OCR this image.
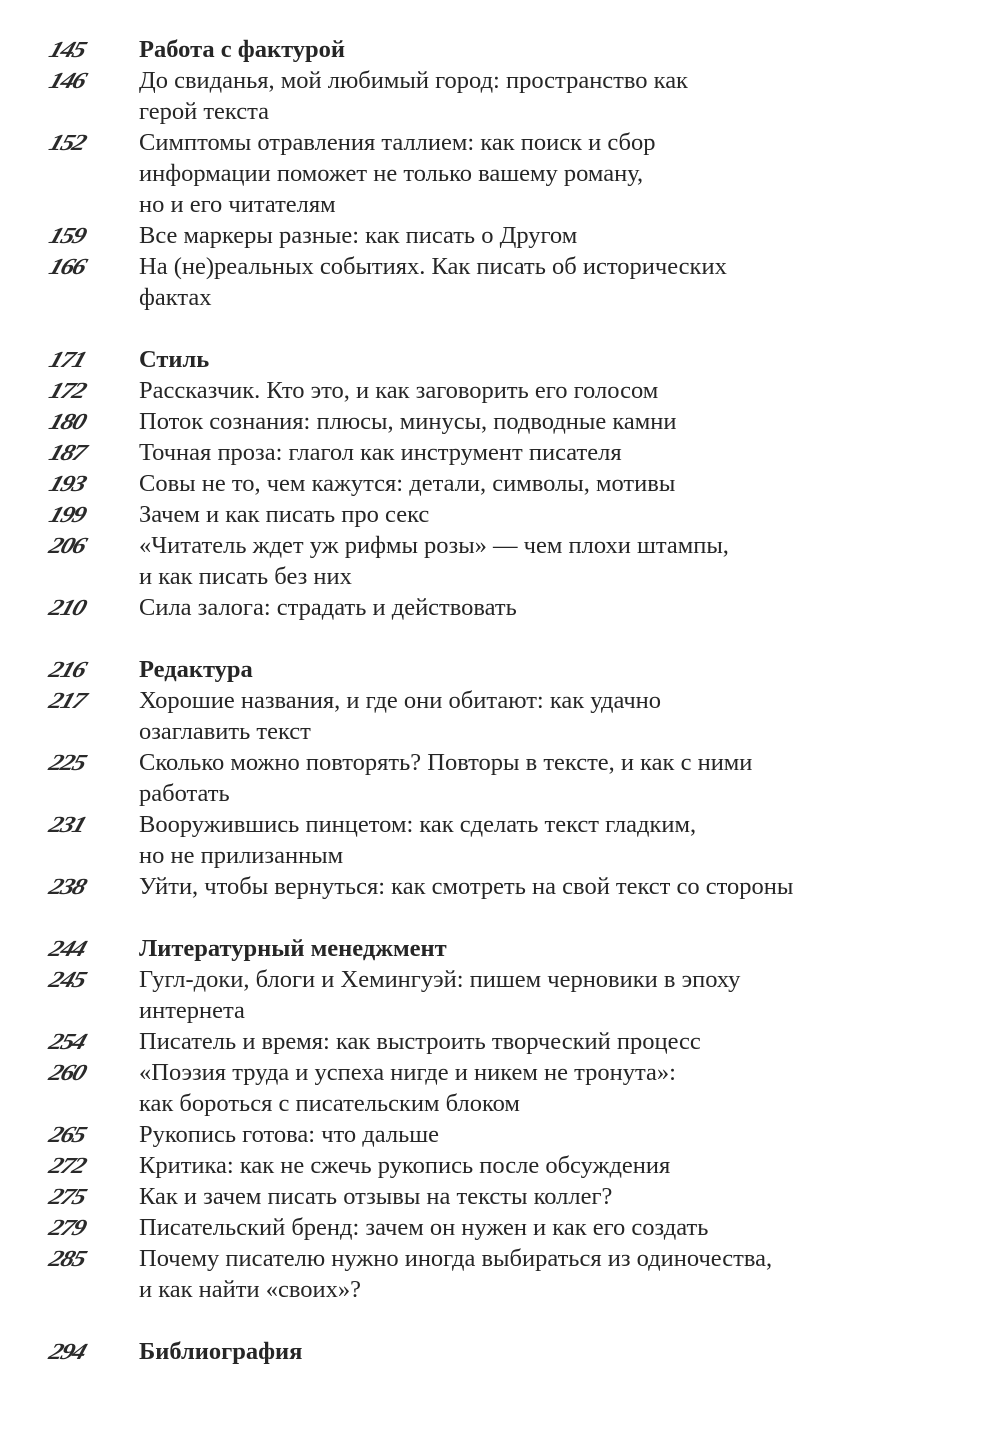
145	Работа с фактурой
146	До свиданья, мой любимый город: пространство как
герой текста
152	Симптомы отравления таллием: как поиск и сбор
информации поможет не только вашему роману,
но и его читателям
159	Все маркеры разные: как писать о Другом
166	На (не)реальных событиях. Как писать об исторических
фактах
171	Стиль
172	Рассказчик. Кто это, и как заговорить его голосом
180	Поток сознания: плюсы, минусы, подводные камни
187	Точная проза: глагол как инструмент писателя
193	Совы не то, чем кажутся: детали, символы, мотивы
199	Зачем и как писать про секс
206	«Читатель ждет уж рифмы розы» — чем плохи штампы,
и как писать без них
210	Сила залога: страдать и действовать
216	Редактура
217	Хорошие названия, и где они обитают: как удачно
озаглавить текст
225	Сколько можно повторять? Повторы в тексте, и как с ними
работать
231	Вооружившись пинцетом: как сделать текст гладким,
но не прилизанным
238	Уйти, чтобы вернуться: как смотреть на свой текст со стороны
244	Литературный менеджмент
245	Гугл-доки, блоги и Хемингуэй: пишем черновики в эпоху
интернета
254	Писатель и время: как выстроить творческий процесс
260	«Поэзия труда и успеха нигде и никем не тронута»:
как бороться с писательским блоком
265	Рукопись готова: что дальше
272	Критика: как не сжечь рукопись после обсуждения
275	Как и зачем писать отзывы на тексты коллег?
279	Писательский бренд: зачем он нужен и как его создать
285	Почему писателю нужно иногда выбираться из одиночества,
и как найти «своих»?
294	Библиография
